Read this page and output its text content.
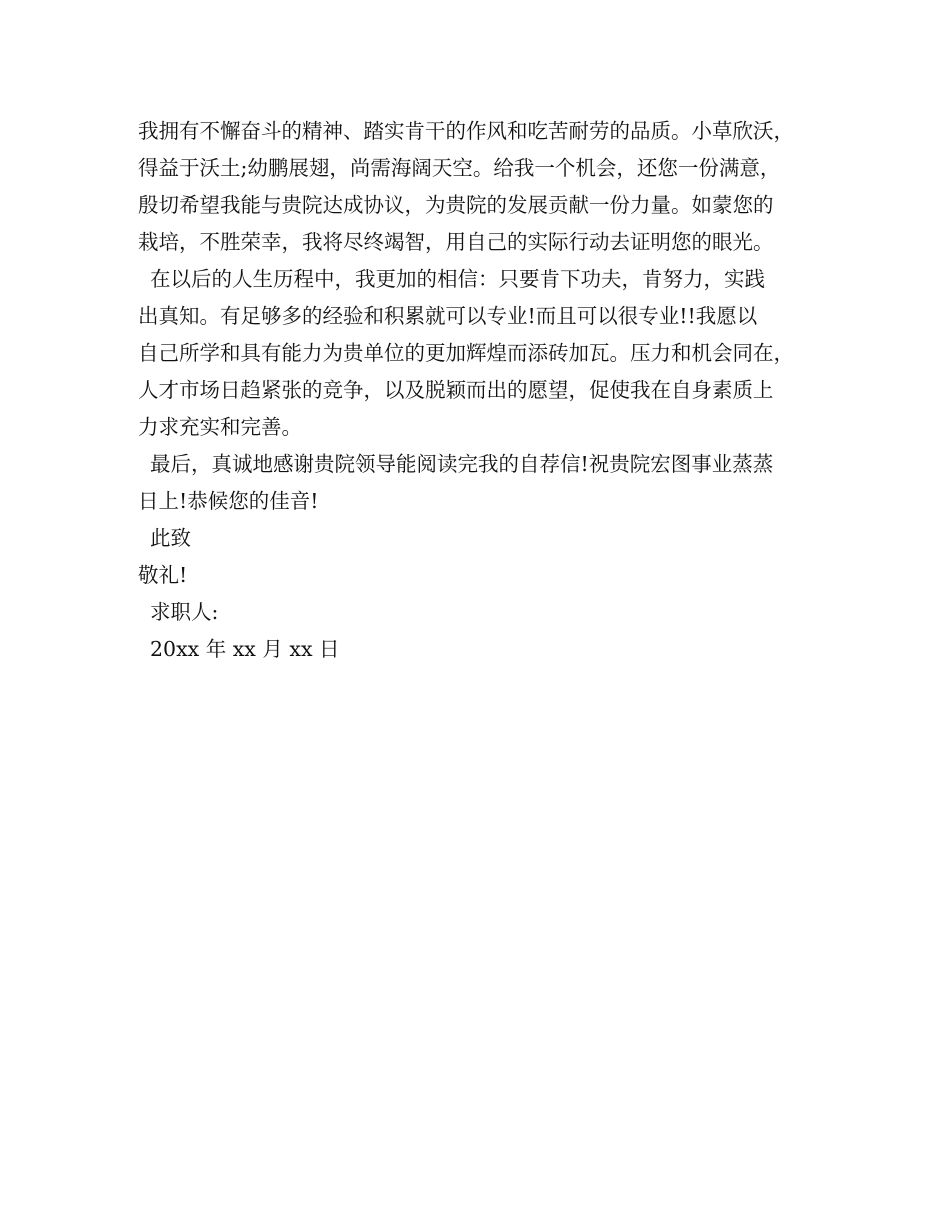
我拥有不懈奋斗的精神、踏实肯干的作风和吃苦耐劳的品质。小草欣沃，
得益于沃土;幼鹏展翅，尚需海阔天空。给我一个机会，还您一份满意，
殷切希望我能与贵院达成协议，为贵院的发展贡献一份力量。如蒙您的
栽培，不胜荣幸，我将尽终竭智，用自己的实际行动去证明您的眼光。
在以后的人生历程中，我更加的相信：只要肯下功夫，肯努力，实践
出真知。有足够多的经验和积累就可以专业!而且可以很专业!!我愿以
自己所学和具有能力为贵单位的更加辉煌而添砖加瓦。压力和机会同在，
人才市场日趋紧张的竞争，以及脱颖而出的愿望，促使我在自身素质上
力求充实和完善。
最后，真诚地感谢贵院领导能阅读完我的自荐信!祝贵院宏图事业蒸蒸
日上!恭候您的佳音!
此致
敬礼!
求职人:
20xx 年 xx 月 xx 日
